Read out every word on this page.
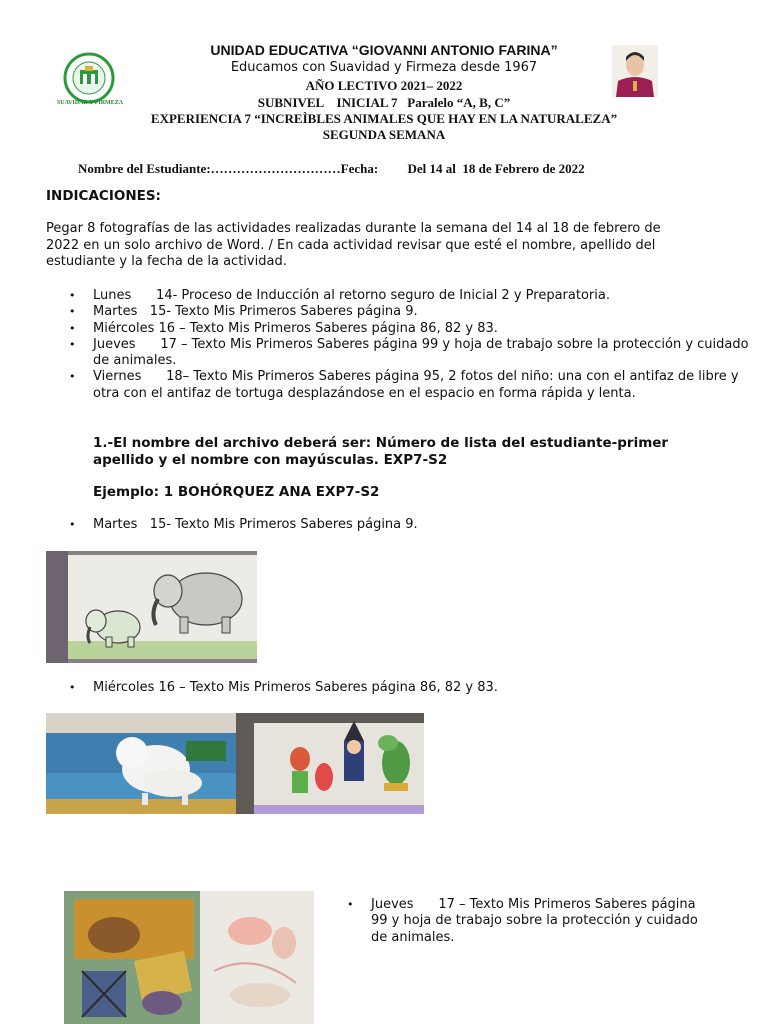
SUAVIDAD Y FIRMEZA
UNIDAD EDUCATIVA “GIOVANNI ANTONIO FARINA”
Educamos con Suavidad y Firmeza desde 1967
AÑO LECTIVO 2021– 2022
SUBNIVEL    INICIAL 7   Paralelo “A, B, C”
EXPERIENCIA 7 “INCREÌBLES ANIMALES QUE HAY EN LA NATURALEZA”
SEGUNDA SEMANA
Nombre del Estudiante:…………………………Fecha: Del 14 al  18 de Febrero de 2022
INDICACIONES:
Pegar 8 fotografías de las actividades realizadas durante la semana del 14 al 18 de febrero de 2022 en un solo archivo de Word. / En cada actividad revisar que esté el nombre, apellido del estudiante y la fecha de la actividad.
• Lunes      14- Proceso de Inducción al retorno seguro de Inicial 2 y Preparatoria.
• Martes   15- Texto Mis Primeros Saberes página 9.
• Miércoles 16 – Texto Mis Primeros Saberes página 86, 82 y 83.
• Jueves      17 – Texto Mis Primeros Saberes página 99 y hoja de trabajo sobre la protección y cuidado de animales.
• Viernes      18– Texto Mis Primeros Saberes página 95, 2 fotos del niño: una con el antifaz de libre y otra con el antifaz de tortuga desplazándose en el espacio en forma rápida y lenta.
1.-El nombre del archivo deberá ser: Número de lista del estudiante-primer apellido y el nombre con mayúsculas. EXP7-S2
Ejemplo: 1 BOHÓRQUEZ ANA EXP7-S2
• Martes   15- Texto Mis Primeros Saberes página 9.
• Miércoles 16 – Texto Mis Primeros Saberes página 86, 82 y 83.
• Jueves      17 – Texto Mis Primeros Saberes página 99 y hoja de trabajo sobre la protección y cuidado de animales.
